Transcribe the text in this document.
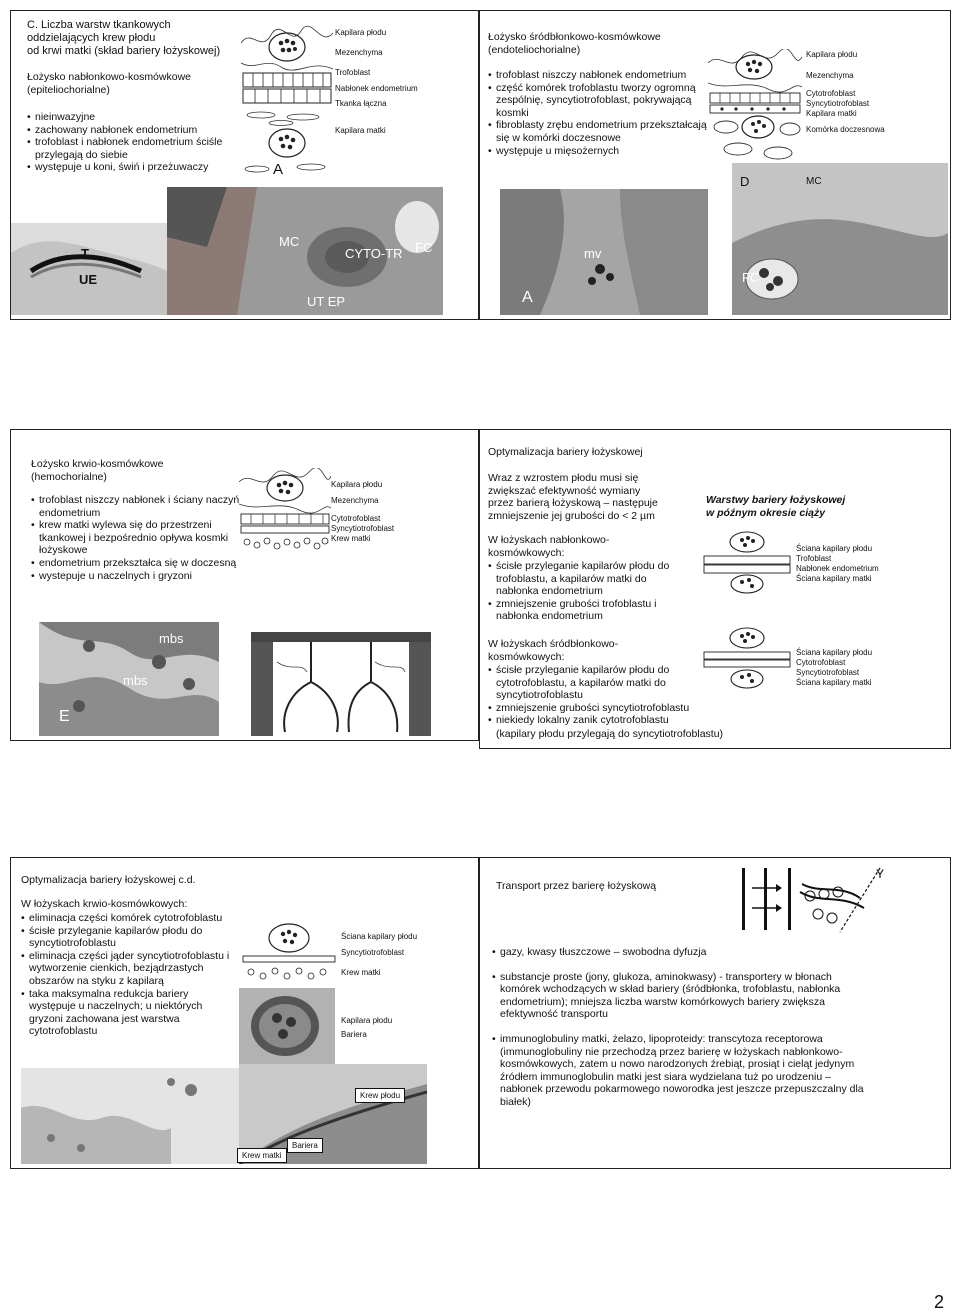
C. Liczba warstw tkankowych
oddzielających krew płodu
od krwi matki (skład bariery łożyskowej)
Łożysko nabłonkowo-kosmówkowe
(epiteliochorialne)
• nieinwazyjne
• zachowany nabłonek endometrium
• trofoblast i nabłonek endometrium ściśle przylegają do siebie
• występuje u koni, świń i przeżuwaczy
Kapilara płodu
Mezenchyma
Trofoblast
Nabłonek endometrium
Tkanka łączna
Kapilara matki
T
UE
MC
CYTO-TR FC
UT EP
A
Łożysko śródbłonkowo-kosmówkowe
(endoteliochorialne)
• trofoblast niszczy nabłonek endometrium
• część komórek trofoblastu tworzy ogromną zespólnię, syncytiotrofoblast, pokrywającą kosmki
• fibroblasty zrębu endometrium przekształcają się w komórki doczesnowe
• występuje u mięsożernych
Kapilara płodu
Mezenchyma
Cytotrofoblast
Syncytiotrofoblast
Kapilara matki
Komórka doczesnowa
mv
A
D	MC
FC
Łożysko krwio-kosmówkowe
(hemochorialne)
• trofoblast niszczy nabłonek i ściany naczyń endometrium
• krew matki wylewa się do przestrzeni tkankowej i bezpośrednio opływa kosmki łożyskowe
• endometrium przekształca się w doczesną
• wystepuje u naczelnych i gryzoni
Kapilara płodu
Mezenchyma
Cytotrofoblast
Syncytiotrofoblast
Krew matki
mbs
mbs
E
Optymalizacja bariery łożyskowej
Wraz z wzrostem płodu musi się
zwiększać efektywność wymiany
przez barierą łożyskową – następuje
zmniejszenie jej grubości do < 2 µm
W łożyskach nabłonkowo-
kosmówkowych:
• ścisłe przyleganie kapilarów płodu do trofoblastu, a kapilarów matki do nabłonka endometrium
• zmniejszenie grubości trofoblastu i nabłonka endometrium
W łożyskach śródbłonkowo-
kosmówkowych:
• ścisłe przyleganie kapilarów płodu do cytotrofoblastu, a kapilarów matki do syncytiotrofoblastu
• zmniejszenie grubości syncytiotrofoblastu
• niekiedy lokalny zanik cytotrofoblastu
(kapilary płodu przylegają do syncytiotrofoblastu)
Warstwy bariery łożyskowej
w późnym okresie ciąży
Ściana kapilary płodu
Trofoblast
Nabłonek endometrium
Ściana kapilary matki
Ściana kapilary płodu
Cytotrofoblast
Syncytiotrofoblast
Ściana kapilary matki
Optymalizacja bariery łożyskowej c.d.
W łożyskach krwio-kosmówkowych:
• eliminacja części komórek cytotrofoblastu
• ścisłe przyleganie kapilarów płodu do syncytiotrofoblastu
• eliminacja części jąder syncytiotrofoblastu i wytworzenie cienkich, bezjądrzastych obszarów na styku z kapilarą
• taka maksymalna redukcja bariery występuje u naczelnych; u niektórych gryzoni zachowana jest warstwa cytotrofoblastu
Ściana kapilary płodu
Syncytiotrofoblast
Krew matki
Kapilara płodu
Bariera
Krew płodu
Bariera
Krew matki
Transport przez barierę łożyskową
Y
• gazy, kwasy tłuszczowe – swobodna dyfuzja
• substancje proste (jony, glukoza, aminokwasy) - transportery w błonach komórek wchodzących w skład bariery (śródbłonka, trofoblastu, nabłonka endometrium); mniejsza liczba warstw komórkowych bariery zwiększa efektywność transportu
• immunoglobuliny matki, żelazo, lipoproteidy: transcytoza receptorowa (immunoglobuliny nie przechodzą przez barierę w łożyskach nabłonkowo-kosmówkowych, zatem u nowo narodzonych źrebiąt, prosiąt i cieląt jedynym źródłem immunoglobulin matki jest siara wydzielana tuż po urodzeniu – nabłonek przewodu pokarmowego noworodka jest jeszcze przepuszczalny dla białek)
2
